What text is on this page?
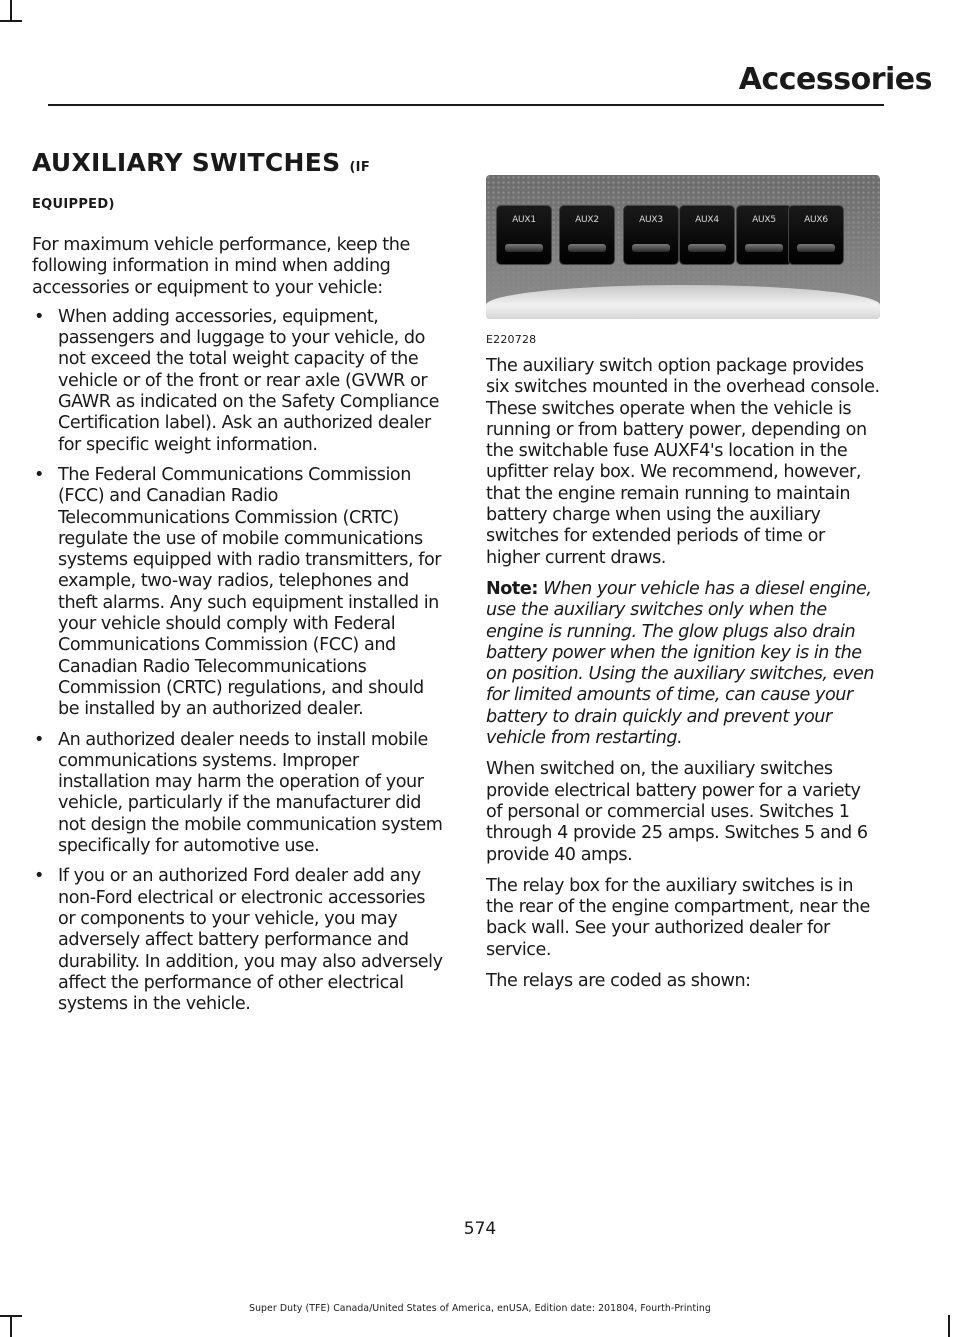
Accessories
AUXILIARY SWITCHES (IF
EQUIPPED)

For maximum vehicle performance, keep the following information in mind when adding accessories or equipment to your vehicle:

• When adding accessories, equipment, passengers and luggage to your vehicle, do not exceed the total weight capacity of the vehicle or of the front or rear axle (GVWR or GAWR as indicated on the Safety Compliance Certification label). Ask an authorized dealer for specific weight information.
• The Federal Communications Commission (FCC) and Canadian Radio Telecommunications Commission (CRTC) regulate the use of mobile communications systems equipped with radio transmitters, for example, two-way radios, telephones and theft alarms. Any such equipment installed in your vehicle should comply with Federal Communications Commission (FCC) and Canadian Radio Telecommunications Commission (CRTC) regulations, and should be installed by an authorized dealer.
• An authorized dealer needs to install mobile communications systems. Improper installation may harm the operation of your vehicle, particularly if the manufacturer did not design the mobile communication system specifically for automotive use.
• If you or an authorized Ford dealer add any non-Ford electrical or electronic accessories or components to your vehicle, you may adversely affect battery performance and durability. In addition, you may also adversely affect the performance of other electrical systems in the vehicle.
AUX1	AUX2	AUX3	AUX4	AUX5	AUX6
E220728

The auxiliary switch option package provides six switches mounted in the overhead console. These switches operate when the vehicle is running or from battery power, depending on the switchable fuse AUXF4's location in the upfitter relay box. We recommend, however, that the engine remain running to maintain battery charge when using the auxiliary switches for extended periods of time or higher current draws.

Note: When your vehicle has a diesel engine, use the auxiliary switches only when the engine is running. The glow plugs also drain battery power when the ignition key is in the on position. Using the auxiliary switches, even for limited amounts of time, can cause your battery to drain quickly and prevent your vehicle from restarting.

When switched on, the auxiliary switches provide electrical battery power for a variety of personal or commercial uses. Switches 1 through 4 provide 25 amps. Switches 5 and 6 provide 40 amps.

The relay box for the auxiliary switches is in the rear of the engine compartment, near the back wall. See your authorized dealer for service.

The relays are coded as shown:

574
Super Duty (TFE) Canada/United States of America, enUSA, Edition date: 201804, Fourth-Printing
